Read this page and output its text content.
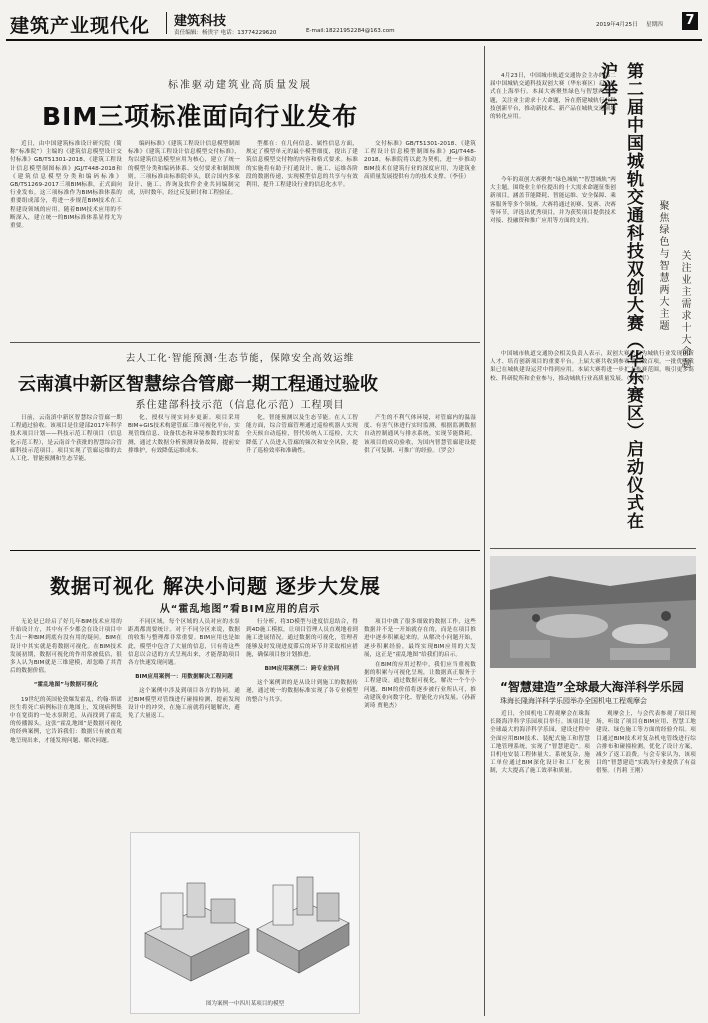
建筑产业现代化 建筑科技
责任编辑：杨贵宇 电话：13774229620	E-mail:18221952284@163.com
2019年4月25日 星期四 7
标准驱动建筑业高质量发展
BIM三项标准面向行业发布

近日，由中国建筑标准设计研究院（简称“标准院”）主编的《建筑信息模型设计交付标准》GB/T51301-2018、《建筑工程设计信息模型制图标准》JGJ/T448-2018和《建筑信息模型分类和编码标准》GB/T51269-2017三项BIM标准，正式面向行业发布。这三项标准作为BIM标准体系的重要组成部分，将进一步规范BIM技术在工程建设领域的应用。随着BIM技术应用的不断深入，建立统一的BIM标准体系显得尤为重要。

编码标准》《建筑工程设计信息模型制图标准》《建筑工程设计信息模型交付标准》，均以建筑信息模型应用为核心，建立了统一的模型分类和编码体系、交付要求和制图规则。三项标准由标准院牵头，联合国内多家设计、施工、咨询及软件企业共同编制完成，历时数年，经过反复研讨和工程验证。

型都在：在几何信息、属性信息方面，规定了模型单元的最小模型细度，提出了建筑信息模型交付物的内容和格式要求。标准的实施将有助于打通设计、施工、运维各阶段的数据传递，实现模型信息的共享与有效利用，提升工程建设行业的信息化水平。

交付标准》GB/T51301-2018、《建筑工程设计信息模型制图标准》JGJ/T448-2018，标准院将以此为契机，进一步推动BIM技术在建筑行业的深度应用，为建筑业高质量发展提供有力的技术支撑。（李佳）

去人工化·智能预测·生态节能，保障安全高效运维
云南滇中新区智慧综合管廊一期工程通过验收
系住建部科技示范（信息化示范）工程项目

日前，云南滇中新区智慧综合管廊一期工程通过验收。该项目是住建部2017年科学技术项目计划——科技示范工程项目（信息化示范工程），是云南首个获批的智慧综合管廊科技示范项目。项目实现了管廊运维的去人工化、智能预测和生态节能。

化，授权与现实同步更新。项目采用BIM+GIS技术构建管廊三维可视化平台，实现管线信息、设备状态和环境参数的实时监测，通过大数据分析预测设备故障，提前安排维护，有效降低运维成本。

化，智能预测以及生态节能。在人工智能方面，综合管廊管理通过巡检机器人实现全天候自动巡检，替代传统人工巡检，大大降低了人员进入管廊的频次和安全风险，提升了巡检效率和准确性。

产生的不利气体环境，对管廊内的温湿度、有害气体进行实时监测，根据监测数据自动控制通风与排水系统，实现节能降耗。该项目的成功验收，为国内智慧管廊建设提供了可复制、可推广的经验。（罗会）

数据可视化 解决小问题 逐步大发展
从“霍乱地图”看BIM应用的启示

无论是已经启了好几年BIM技术应用的开始设计方，其中有不少都会在设计项目中生出一种BIM到底有没有用的疑问。BIM在设计中其实就是将数据可视化。在BIM技术发展初期，数据可视化的作用常被低估，很多人认为BIM就是三维建模，却忽略了其背后的数据价值。

“霍乱地图”与数据可视化

19世纪的英国伦敦爆发霍乱，约翰·斯诺医生将死亡病例标注在地图上，发现病例集中在宽街的一处水泵附近，从而找到了霍乱的传播源头。这张“霍乱地图”是数据可视化的经典案例，它告诉我们：数据只有被直观地呈现出来，才能发现问题、解决问题。

不同区域，每个区域的人员对应的水泵距离都需要统计。对于不同分区来说，数据的收集与整理都非常重要。BIM应用也是如此，模型中包含了大量的信息，只有将这些信息以合适的方式呈现出来，才能帮助项目各方快速发现问题。

BIM应用案例一：用数据解决工程问题

这个案例中涉及到项目各方的协同。通过BIM模型对管线进行碰撞检测，提前发现设计中的冲突，在施工前就将问题解决，避免了大量返工。

行分析，将3D模型与进度信息结合，得到4D施工模拟，让项目管理人员直观地看到施工进展情况。通过数据的可视化，管理者能够及时发现进度滞后的环节并采取相应措施，确保项目按计划推进。

BIM应用案例二：跨专业协同

这个案例讲的是从设计到施工的数据传递，通过统一的数据标准实现了各专业模型的整合与共享。

项目中做了很多细致的数据工作，这些数据并不是一开始就存在的，而是在项目推进中逐步积累起来的。从解决小问题开始，逐步积累经验，最终实现BIM应用的大发展，这正是“霍乱地图”给我们的启示。

在BIM的应用过程中，我们应当重视数据的积累与可视化呈现，让数据真正服务于工程建设。通过数据可视化，解决一个个小问题，BIM的价值将逐步被行业所认可，推动建筑业向数字化、智能化方向发展。（孙新 刘琦 贾艳杰）

图为案例一中四川某项目的模型

4月23日，中国城市轨道交通协会主办的第二届中国城轨交通科技双创大赛（华东赛区）启动仪式在上海举行。本届大赛聚焦绿色与智慧两大主题，关注业主需求十大命题，旨在搭建城轨行业科技创新平台，推动新技术、新产品在城轨交通领域的转化应用。

今年的双创大赛聚焦“绿色城轨”“智慧城轨”两大主题，围绕业主单位提出的十大需求命题征集创新项目，涵盖节能降耗、智能运维、安全保障、乘客服务等多个领域。大赛将通过初赛、复赛、决赛等环节，评选出优秀项目，并为获奖项目提供技术对接、投融资和推广应用等方面的支持。

中国城市轨道交通协会相关负责人表示，双创大赛已成为城轨行业发现创新人才、培育创新项目的重要平台。上届大赛共收到参赛项目数百项，一批优秀成果已在城轨建设运营中得到应用。本届大赛将进一步扩大参赛范围，吸引更多高校、科研院所和企业参与，推动城轨行业高质量发展。（杨宜军）

第二届中国城轨交通科技双创大赛（华东赛区）启动仪式在沪举行
聚焦绿色与智慧两大主题	关注业主需求十大命题
“智慧建造”全球最大海洋科学乐园
珠海长隆海洋科学乐园举办全国机电工程观摩会

近日，全国机电工程观摩会在珠海长隆海洋科学乐园项目举行。该项目是全球最大的海洋科学乐园，建设过程中全面应用BIM技术、装配式施工和智慧工地管理系统，实现了“智慧建造”。项目机电安装工程体量大、系统复杂，施工单位通过BIM深化设计和工厂化预制，大大提高了施工效率和质量。

观摩会上，与会代表参观了项目现场，听取了项目在BIM应用、智慧工地建设、绿色施工等方面的经验介绍。项目通过BIM技术对复杂机电管线进行综合排布和碰撞检测，优化了设计方案，减少了返工浪费。与会专家认为，该项目的“智慧建造”实践为行业提供了有益借鉴。（肖莉 王刚）
